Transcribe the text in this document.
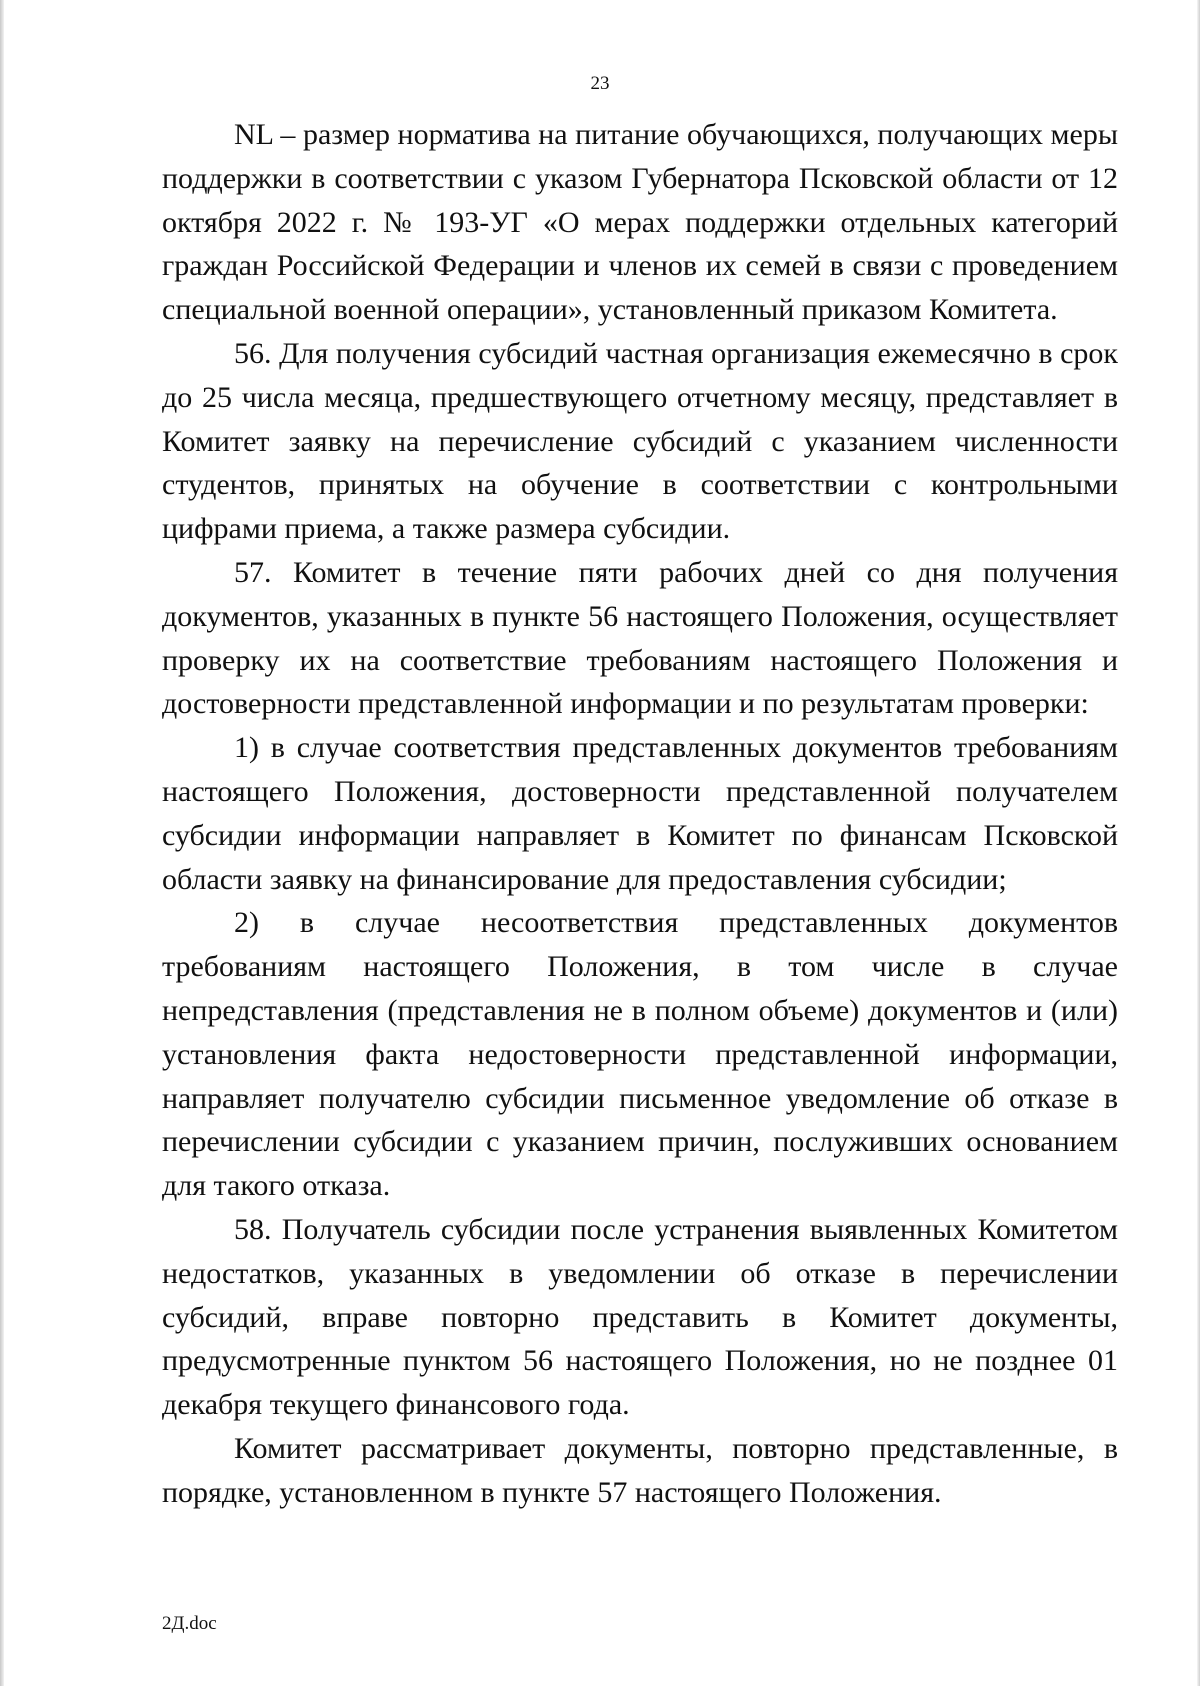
23

NL – размер норматива на питание обучающихся, получающих меры поддержки в соответствии с указом Губернатора Псковской области от 12 октября 2022 г. № 193-УГ «О мерах поддержки отдельных категорий граждан Российской Федерации и членов их семей в связи с проведением специальной военной операции», установленный приказом Комитета.

56. Для получения субсидий частная организация ежемесячно в срок до 25 числа месяца, предшествующего отчетному месяцу, представляет в Комитет заявку на перечисление субсидий с указанием численности студентов, принятых на обучение в соответствии с контрольными цифрами приема, а также размера субсидии.

57. Комитет в течение пяти рабочих дней со дня получения документов, указанных в пункте 56 настоящего Положения, осуществляет проверку их на соответствие требованиям настоящего Положения и достоверности представленной информации и по результатам проверки:

1) в случае соответствия представленных документов требованиям настоящего Положения, достоверности представленной получателем субсидии информации направляет в Комитет по финансам Псковской области заявку на финансирование для предоставления субсидии;

2) в случае несоответствия представленных документов требованиям настоящего Положения, в том числе в случае непредставления (представления не в полном объеме) документов и (или) установления факта недостоверности представленной информации, направляет получателю субсидии письменное уведомление об отказе в перечислении субсидии с указанием причин, послуживших основанием для такого отказа.

58. Получатель субсидии после устранения выявленных Комитетом недостатков, указанных в уведомлении об отказе в перечислении субсидий, вправе повторно представить в Комитет документы, предусмотренные пунктом 56 настоящего Положения, но не позднее 01 декабря текущего финансового года.

Комитет рассматривает документы, повторно представленные, в порядке, установленном в пункте 57 настоящего Положения.

2Д.doc
